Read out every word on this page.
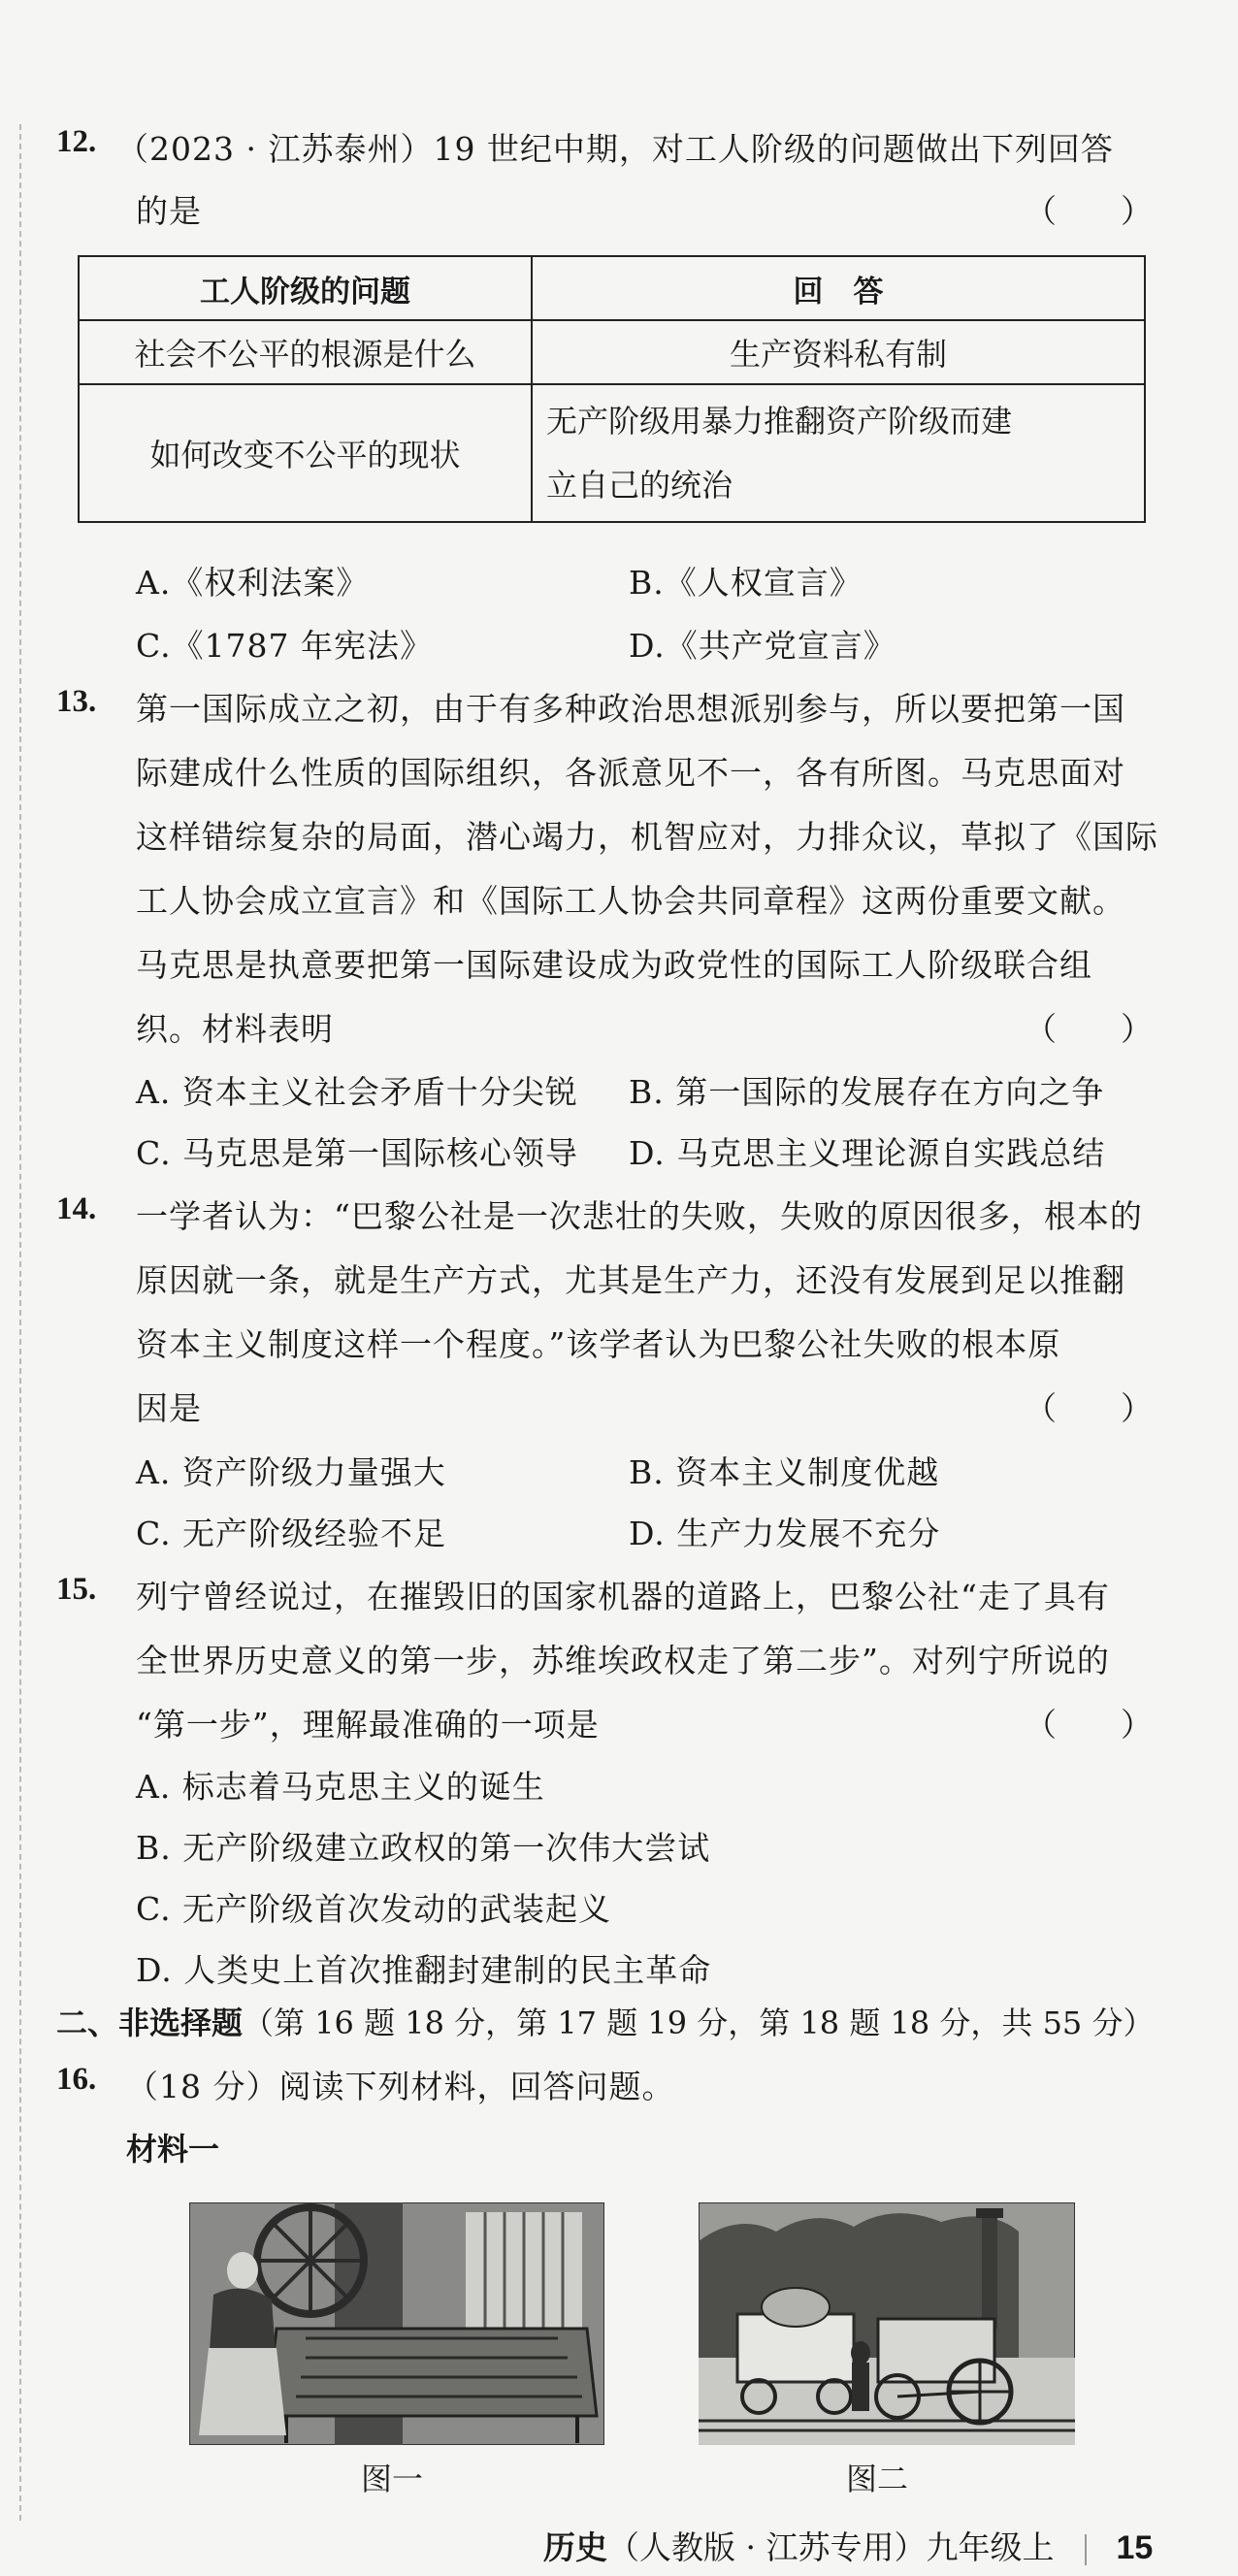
12. （2023 · 江苏泰州）19 世纪中期，对工人阶级的问题做出下列回答
的是	（　　）
工人阶级的问题	回　答
社会不公平的根源是什么	生产资料私有制
如何改变不公平的现状	无产阶级用暴力推翻资产阶级而建
立自己的统治
A.《权利法案》	B.《人权宣言》
C.《1787 年宪法》	D.《共产党宣言》
13. 第一国际成立之初，由于有多种政治思想派别参与，所以要把第一国
际建成什么性质的国际组织，各派意见不一，各有所图。马克思面对
这样错综复杂的局面，潜心竭力，机智应对，力排众议，草拟了《国际
工人协会成立宣言》和《国际工人协会共同章程》这两份重要文献。
马克思是执意要把第一国际建设成为政党性的国际工人阶级联合组
织。材料表明	（　　）
A. 资本主义社会矛盾十分尖锐 B. 第一国际的发展存在方向之争
C. 马克思是第一国际核心领导 D. 马克思主义理论源自实践总结
14. 一学者认为：“巴黎公社是一次悲壮的失败，失败的原因很多，根本的
原因就一条，就是生产方式，尤其是生产力，还没有发展到足以推翻
资本主义制度这样一个程度。”该学者认为巴黎公社失败的根本原
因是	（　　）
A. 资产阶级力量强大	B. 资本主义制度优越
C. 无产阶级经验不足	D. 生产力发展不充分
15. 列宁曾经说过，在摧毁旧的国家机器的道路上，巴黎公社“走了具有
全世界历史意义的第一步，苏维埃政权走了第二步”。对列宁所说的
“第一步”，理解最准确的一项是	（　　）
A. 标志着马克思主义的诞生
B. 无产阶级建立政权的第一次伟大尝试
C. 无产阶级首次发动的武装起义
D. 人类史上首次推翻封建制的民主革命
二、非选择题（第 16 题 18 分，第 17 题 19 分，第 18 题 18 分，共 55 分）
16. （18 分）阅读下列材料，回答问题。
材料一
图一	图二
历史（人教版 · 江苏专用）九年级上 15
